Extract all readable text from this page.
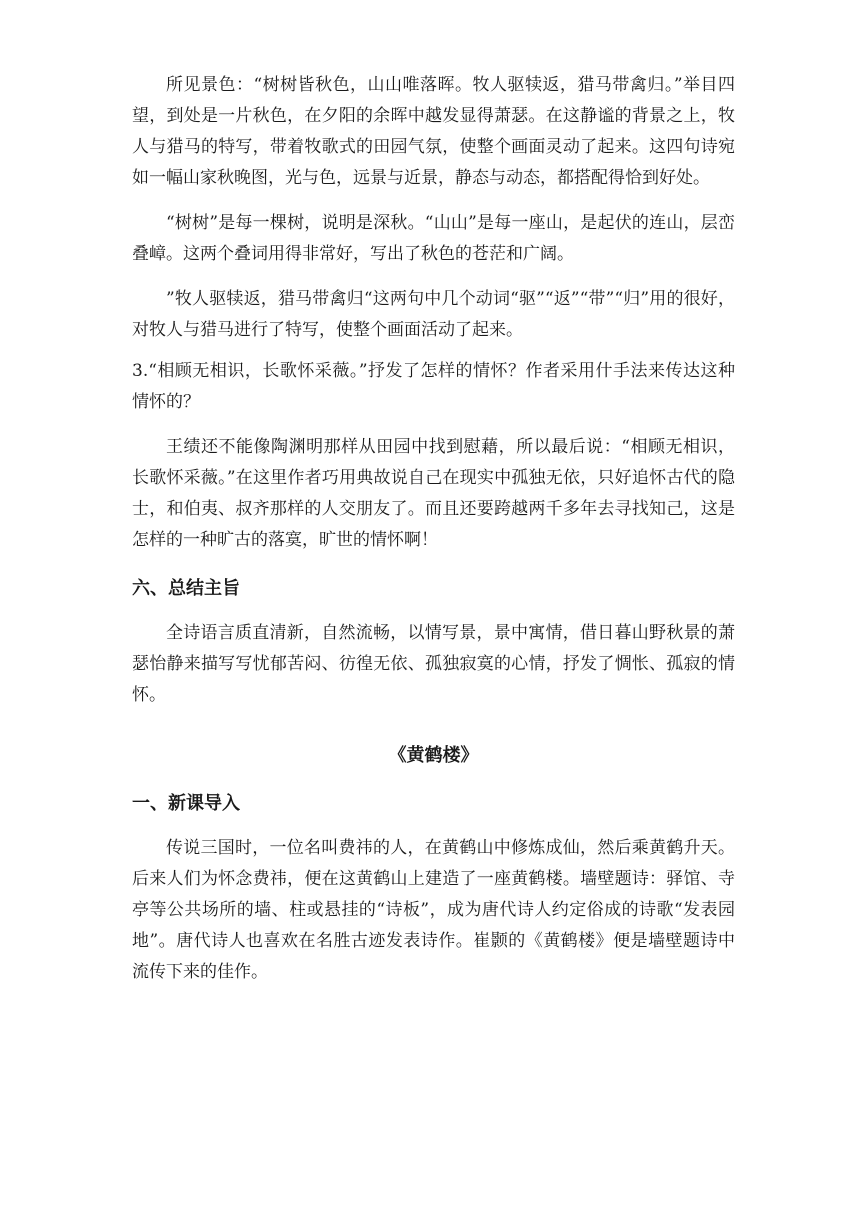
所见景色：“树树皆秋色，山山唯落晖。牧人驱犊返，猎马带禽归。”举目四望，到处是一片秋色，在夕阳的余晖中越发显得萧瑟。在这静谧的背景之上，牧人与猎马的特写，带着牧歌式的田园气氛，使整个画面灵动了起来。这四句诗宛如一幅山家秋晚图，光与色，远景与近景，静态与动态，都搭配得恰到好处。

“树树”是每一棵树，说明是深秋。“山山”是每一座山，是起伏的连山，层峦叠嶂。这两个叠词用得非常好，写出了秋色的苍茫和广阔。

”牧人驱犊返，猎马带禽归“这两句中几个动词“驱”“返”“带”“归”用的很好，对牧人与猎马进行了特写，使整个画面活动了起来。

3.“相顾无相识，长歌怀采薇。”抒发了怎样的情怀？作者采用什手法来传达这种情怀的？

王绩还不能像陶渊明那样从田园中找到慰藉，所以最后说：“相顾无相识，长歌怀采薇。”在这里作者巧用典故说自己在现实中孤独无依，只好追怀古代的隐士，和伯夷、叔齐那样的人交朋友了。而且还要跨越两千多年去寻找知己，这是怎样的一种旷古的落寞，旷世的情怀啊！

六、总结主旨

全诗语言质直清新，自然流畅，以情写景，景中寓情，借日暮山野秋景的萧瑟怡静来描写写忧郁苦闷、彷徨无依、孤独寂寞的心情，抒发了惆怅、孤寂的情怀。

《黄鹤楼》
一、新课导入

传说三国时，一位名叫费祎的人，在黄鹤山中修炼成仙，然后乘黄鹤升天。后来人们为怀念费祎，便在这黄鹤山上建造了一座黄鹤楼。墙壁题诗：驿馆、寺亭等公共场所的墙、柱或悬挂的“诗板”，成为唐代诗人约定俗成的诗歌“发表园地”。唐代诗人也喜欢在名胜古迹发表诗作。崔颢的《黄鹤楼》便是墙壁题诗中流传下来的佳作。
